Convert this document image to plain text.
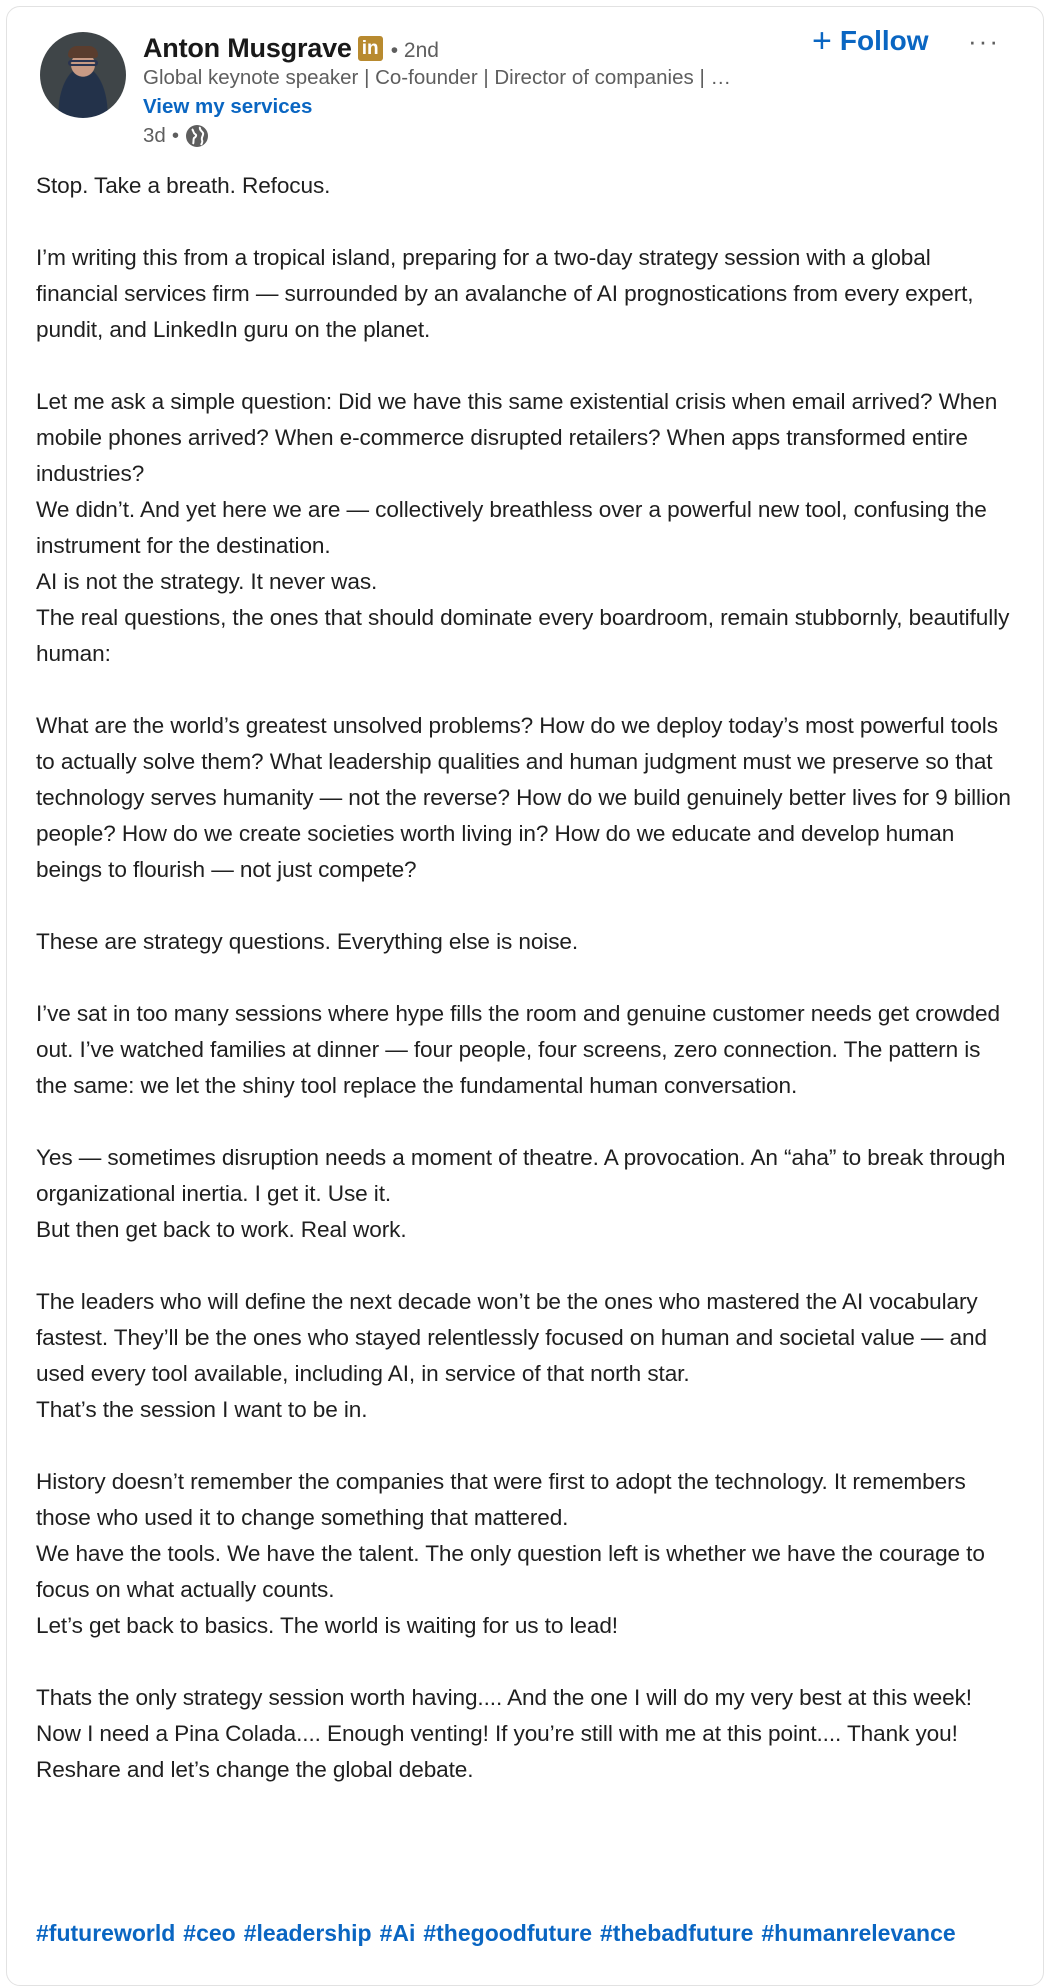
Anton Musgrave in • 2nd
Global keynote speaker | Co-founder | Director of companies | …
View my services
3d •
+ Follow ···

Stop. Take a breath. Refocus.

I’m writing this from a tropical island, preparing for a two-day strategy session with a global financial services firm — surrounded by an avalanche of AI prognostications from every expert, pundit, and LinkedIn guru on the planet.

Let me ask a simple question: Did we have this same existential crisis when email arrived? When mobile phones arrived? When e-commerce disrupted retailers? When apps transformed entire industries?
We didn’t. And yet here we are — collectively breathless over a powerful new tool, confusing the instrument for the destination.
AI is not the strategy. It never was.
The real questions, the ones that should dominate every boardroom, remain stubbornly, beautifully human:

What are the world’s greatest unsolved problems? How do we deploy today’s most powerful tools to actually solve them? What leadership qualities and human judgment must we preserve so that technology serves humanity — not the reverse? How do we build genuinely better lives for 9 billion people? How do we create societies worth living in? How do we educate and develop human beings to flourish — not just compete?

These are strategy questions. Everything else is noise.

I’ve sat in too many sessions where hype fills the room and genuine customer needs get crowded out. I’ve watched families at dinner — four people, four screens, zero connection. The pattern is the same: we let the shiny tool replace the fundamental human conversation.

Yes — sometimes disruption needs a moment of theatre. A provocation. An “aha” to break through organizational inertia. I get it. Use it.
But then get back to work. Real work.

The leaders who will define the next decade won’t be the ones who mastered the AI vocabulary fastest. They’ll be the ones who stayed relentlessly focused on human and societal value — and used every tool available, including AI, in service of that north star.
That’s the session I want to be in.

History doesn’t remember the companies that were first to adopt the technology. It remembers those who used it to change something that mattered.
We have the tools. We have the talent. The only question left is whether we have the courage to focus on what actually counts.
Let’s get back to basics. The world is waiting for us to lead!

Thats the only strategy session worth having.... And the one I will do my very best at this week! Now I need a Pina Colada.... Enough venting! If you’re still with me at this point.... Thank you! Reshare and let’s change the global debate.

#futureworld #ceo #leadership #Ai #thegoodfuture #thebadfuture #humanrelevance
